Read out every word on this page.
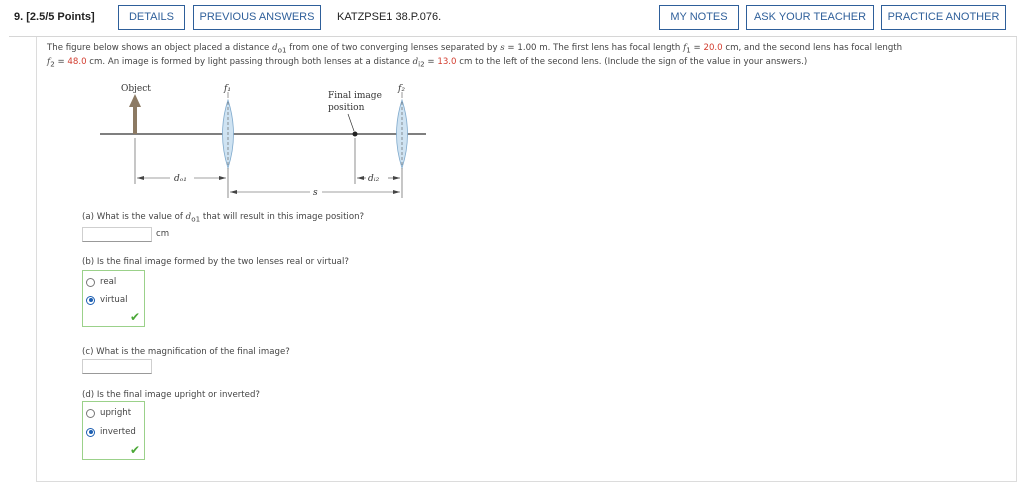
9. [2.5/5 Points]	DETAILS	PREVIOUS ANSWERS	KATZPSE1 38.P.076.	MY NOTES	ASK YOUR TEACHER	PRACTICE ANOTHER
The figure below shows an object placed a distance $d_{o1}$ from one of two converging lenses separated by s = 1.00 m. The first lens has focal length $f_1 = 20.0$ cm, and the second lens has focal length
$f_2 = 48.0$ cm. An image is formed by light passing through both lenses at a distance $d_{i2} = 13.0$ cm to the left of the second lens. (Include the sign of the value in your answers.)
Object	f₁	f₂
Final image
position
dₒ₁
s
dᵢ₂
(a) What is the value of $d_{o1}$ that will result in this image position?
cm
(b) Is the final image formed by the two lenses real or virtual?
real
virtual
✔
(c) What is the magnification of the final image?
(d) Is the final image upright or inverted?
upright
inverted
✔
